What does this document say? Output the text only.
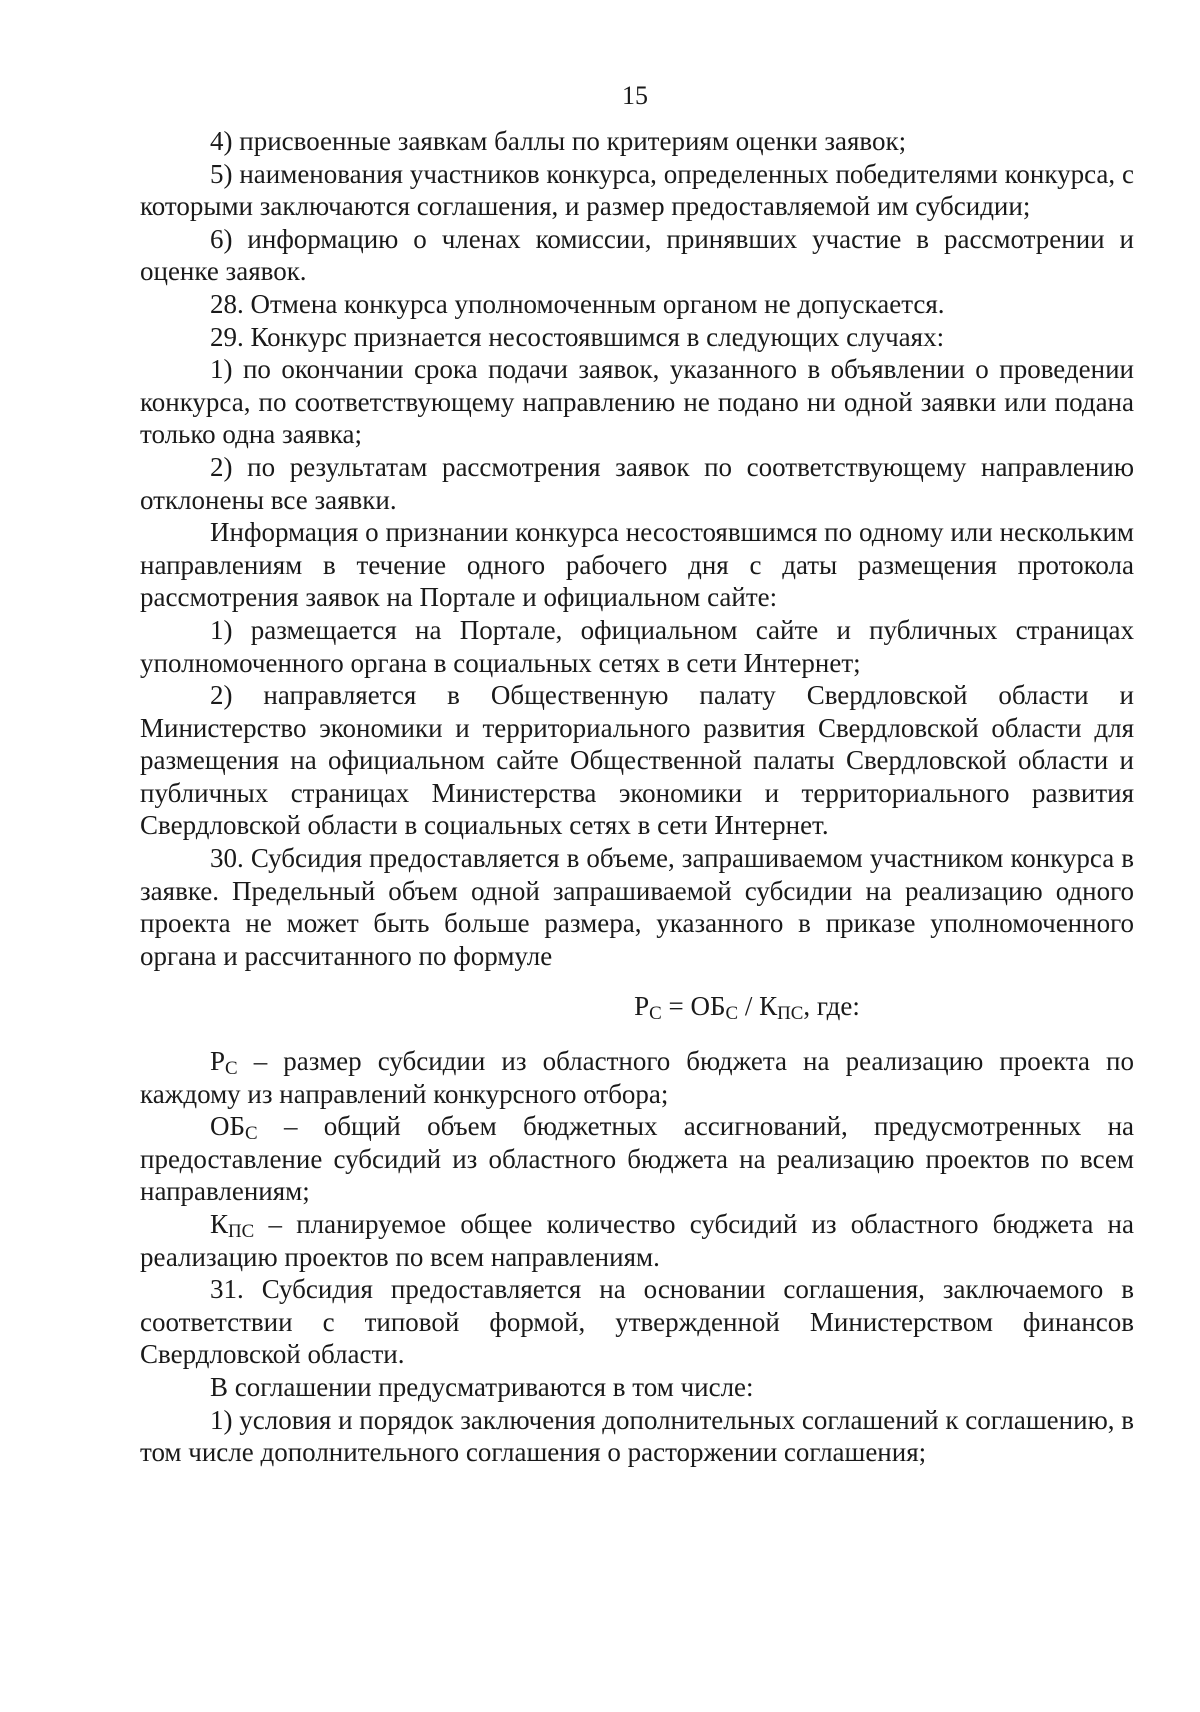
15

4) присвоенные заявкам баллы по критериям оценки заявок;

5) наименования участников конкурса, определенных победителями конкурса, с которыми заключаются соглашения, и размер предоставляемой им субсидии;

6) информацию о членах комиссии, принявших участие в рассмотрении и оценке заявок.

28. Отмена конкурса уполномоченным органом не допускается.

29. Конкурс признается несостоявшимся в следующих случаях:

1) по окончании срока подачи заявок, указанного в объявлении о проведении конкурса, по соответствующему направлению не подано ни одной заявки или подана только одна заявка;

2) по результатам рассмотрения заявок по соответствующему направлению отклонены все заявки.

Информация о признании конкурса несостоявшимся по одному или нескольким направлениям в течение одного рабочего дня с даты размещения протокола рассмотрения заявок на Портале и официальном сайте:

1) размещается на Портале, официальном сайте и публичных страницах уполномоченного органа в социальных сетях в сети Интернет;

2) направляется в Общественную палату Свердловской области и Министерство экономики и территориального развития Свердловской области для размещения на официальном сайте Общественной палаты Свердловской области и публичных страницах Министерства экономики и территориального развития Свердловской области в социальных сетях в сети Интернет.

30. Субсидия предоставляется в объеме, запрашиваемом участником конкурса в заявке. Предельный объем одной запрашиваемой субсидии на реализацию одного проекта не может быть больше размера, указанного в приказе уполномоченного органа и рассчитанного по формуле

$Р_С = ОБ_С / К_{ПС}$, где:

$Р_С$ – размер субсидии из областного бюджета на реализацию проекта по каждому из направлений конкурсного отбора;

$ОБ_С$ – общий объем бюджетных ассигнований, предусмотренных на предоставление субсидий из областного бюджета на реализацию проектов по всем направлениям;

$К_{ПС}$ – планируемое общее количество субсидий из областного бюджета на реализацию проектов по всем направлениям.

31. Субсидия предоставляется на основании соглашения, заключаемого в соответствии с типовой формой, утвержденной Министерством финансов Свердловской области.

В соглашении предусматриваются в том числе:

1) условия и порядок заключения дополнительных соглашений к соглашению, в том числе дополнительного соглашения о расторжении соглашения;
